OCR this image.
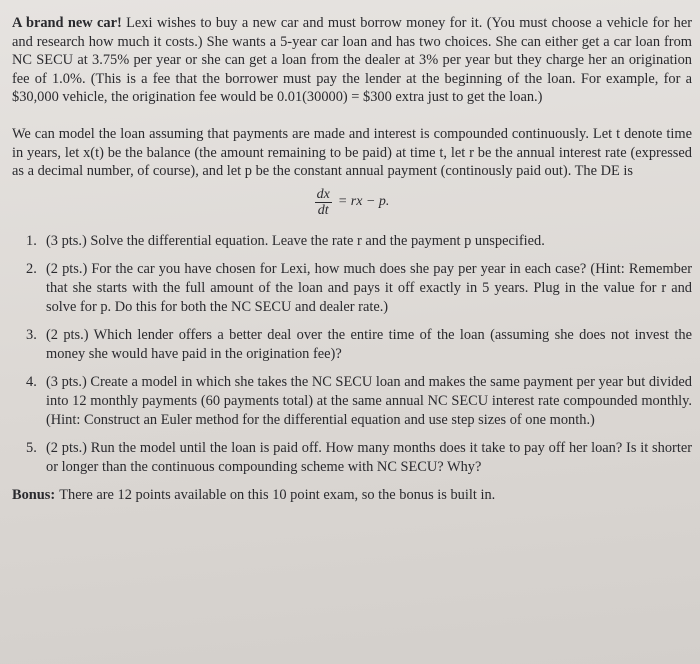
A brand new car! Lexi wishes to buy a new car and must borrow money for it. (You must choose a vehicle for her and research how much it costs.) She wants a 5-year car loan and has two choices. She can either get a car loan from NC SECU at 3.75% per year or she can get a loan from the dealer at 3% per year but they charge her an origination fee of 1.0%. (This is a fee that the borrower must pay the lender at the beginning of the loan. For example, for a $30,000 vehicle, the origination fee would be 0.01(30000) = $300 extra just to get the loan.)

We can model the loan assuming that payments are made and interest is compounded continuously. Let t denote time in years, let x(t) be the balance (the amount remaining to be paid) at time t, let r be the annual interest rate (expressed as a decimal number, of course), and let p be the constant annual payment (continously paid out). The DE is

$\frac{dx}{dt}$ = rx − p.
1. (3 pts.) Solve the differential equation. Leave the rate r and the payment p unspecified.
2. (2 pts.) For the car you have chosen for Lexi, how much does she pay per year in each case? (Hint: Remember that she starts with the full amount of the loan and pays it off exactly in 5 years. Plug in the value for r and solve for p. Do this for both the NC SECU and dealer rate.)
3. (2 pts.) Which lender offers a better deal over the entire time of the loan (assuming she does not invest the money she would have paid in the origination fee)?
4. (3 pts.) Create a model in which she takes the NC SECU loan and makes the same payment per year but divided into 12 monthly payments (60 payments total) at the same annual NC SECU interest rate compounded monthly. (Hint: Construct an Euler method for the differential equation and use step sizes of one month.)
5. (2 pts.) Run the model until the loan is paid off. How many months does it take to pay off her loan? Is it shorter or longer than the continuous compounding scheme with NC SECU? Why?

Bonus: There are 12 points available on this 10 point exam, so the bonus is built in.
